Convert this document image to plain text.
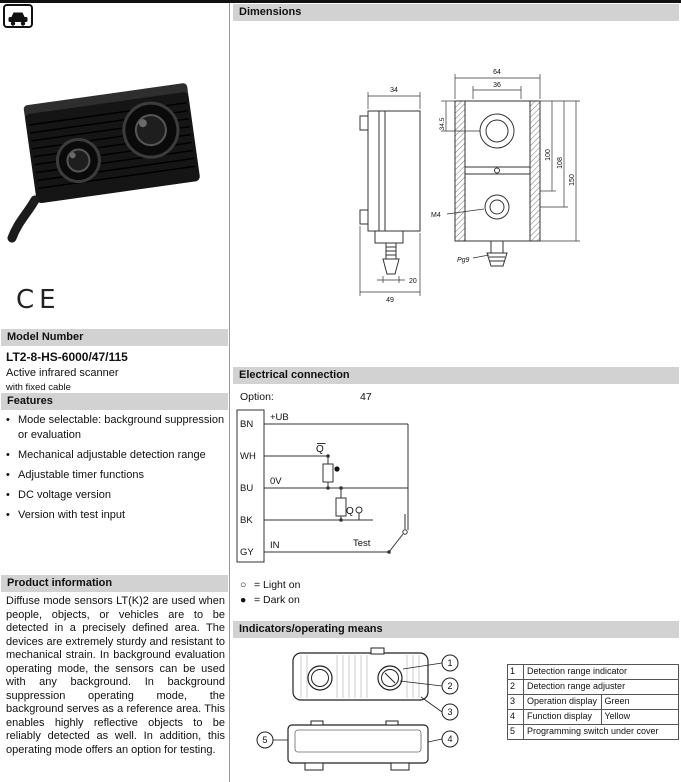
CE
Model Number
LT2-8-HS-6000/47/115
Active infrared scanner
with fixed cable
Features
• Mode selectable: background suppression or evaluation
• Mechanical adjustable detection range
• Adjustable timer functions
• DC voltage version
• Version with test input
Product information
Diffuse mode sensors LT(K)2 are used when people, objects, or vehicles are to be detected in a precisely defined area. The devices are extremely sturdy and resistant to mechanical strain. In background evaluation operating mode, the sensors can be used with any background. In background suppression operating mode, the background serves as a reference area. This enables highly reflective objects to be reliably detected as well. In addition, this operating mode offers an option for testing.
Dimensions
34
20
49
64
36
100
108
150
34.5
M4
Pg9
Electrical connection
Option:	47
BN
WH
BU
BK
GY
Q
Q
+UB
0V
IN	Test
○ = Light on
● = Dark on
Indicators/operating means
1
2
3
4
5
1	Detection range indicator	
2	Detection range adjuster	
3	Operation display	Green
4	Function display	Yellow
5	Programming switch under cover	
